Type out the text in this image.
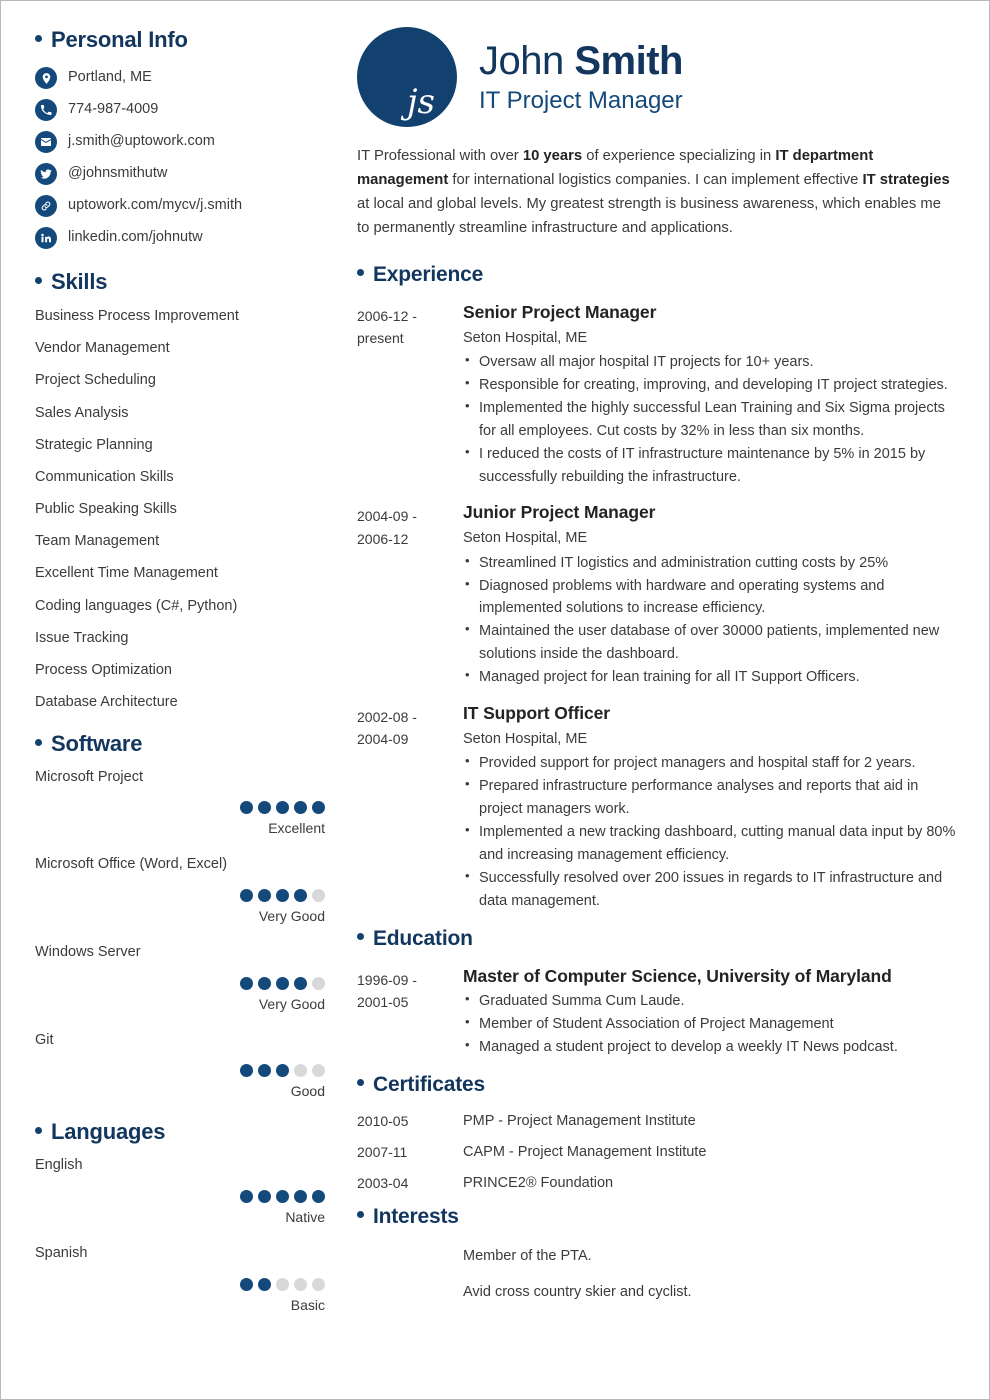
Personal Info
Portland, ME
774-987-4009
j.smith@uptowork.com
@johnsmithutw
uptowork.com/mycv/j.smith
linkedin.com/johnutw
Skills
Business Process Improvement
Vendor Management
Project Scheduling
Sales Analysis
Strategic Planning
Communication Skills
Public Speaking Skills
Team Management
Excellent Time Management
Coding languages (C#, Python)
Issue Tracking
Process Optimization
Database Architecture
Software
Microsoft Project
Excellent
Microsoft Office (Word, Excel)
Very Good
Windows Server
Very Good
Git
Good
Languages
English
Native
Spanish
Basic
js
John Smith
IT Project Manager

IT Professional with over 10 years of experience specializing in IT department management for international logistics companies. I can implement effective IT strategies at local and global levels. My greatest strength is business awareness, which enables me to permanently streamline infrastructure and applications.

Experience
2006-12 -
present
Senior Project Manager
Seton Hospital, ME
• Oversaw all major hospital IT projects for 10+ years.
• Responsible for creating, improving, and developing IT project strategies.
• Implemented the highly successful Lean Training and Six Sigma projects for all employees. Cut costs by 32% in less than six months.
• I reduced the costs of IT infrastructure maintenance by 5% in 2015 by successfully rebuilding the infrastructure.
2004-09 -
2006-12
Junior Project Manager
Seton Hospital, ME
• Streamlined IT logistics and administration cutting costs by 25%
• Diagnosed problems with hardware and operating systems and implemented solutions to increase efficiency.
• Maintained the user database of over 30000 patients, implemented new solutions inside the dashboard.
• Managed project for lean training for all IT Support Officers.
2002-08 -
2004-09
IT Support Officer
Seton Hospital, ME
• Provided support for project managers and hospital staff for 2 years.
• Prepared infrastructure performance analyses and reports that aid in project managers work.
• Implemented a new tracking dashboard, cutting manual data input by 80% and increasing management efficiency.
• Successfully resolved over 200 issues in regards to IT infrastructure and data management.
Education
1996-09 -
2001-05
Master of Computer Science, University of Maryland
• Graduated Summa Cum Laude.
• Member of Student Association of Project Management
• Managed a student project to develop a weekly IT News podcast.
Certificates
2010-05	PMP - Project Management Institute
2007-11	CAPM - Project Management Institute
2003-04	PRINCE2® Foundation
Interests
Member of the PTA.
Avid cross country skier and cyclist.
